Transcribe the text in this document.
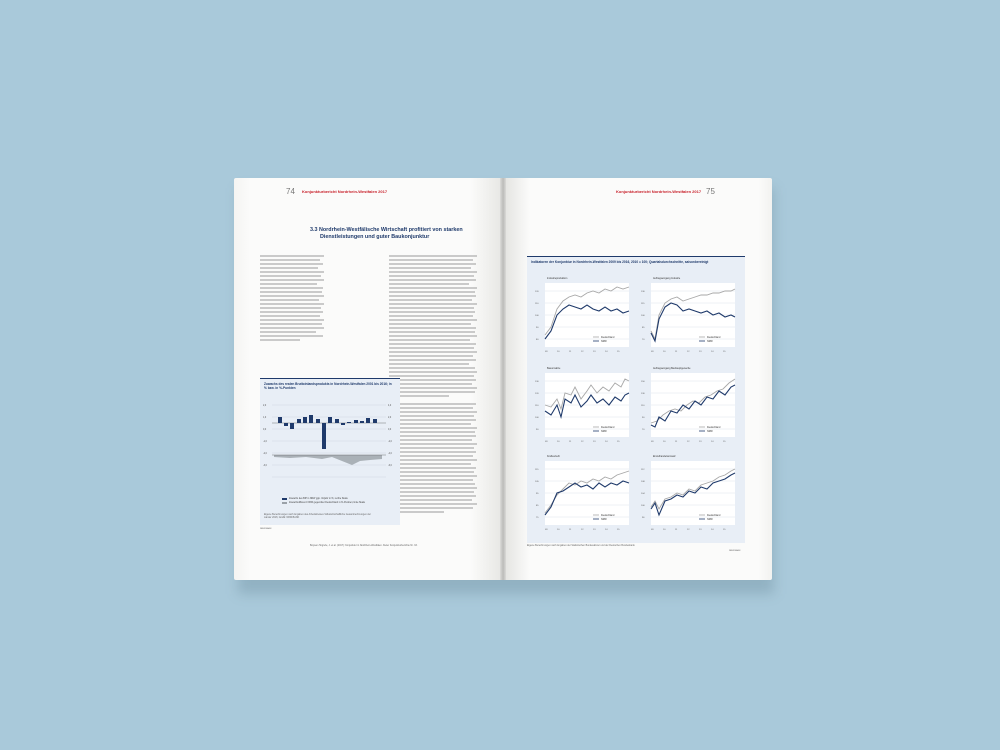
74 Konjunkturbericht Nordrhein-Westfalen 2017
3.3 Nordrhein-Westfälische Wirtschaft profitiert von starken
Dienstleistungen und guter Baukonjunktur
Zuwachs des realen Bruttoinlandsprodukts in Nordrhein-Westfalen 2001 bis 2016; in % bzw. in %-Punkten
2,0
1,0
0,0
-1,0
-2,0
-3,0
4,0
2,0
0,0
-2,0
-4,0
-6,0
Zuwachs des BIP in NRW ggü. Vorjahr in %; rechte Skala
Zuwachsdifferenz NRW gegenüber Deutschland in %-Punkten; linke Skala
Eigene Berechnungen nach Angaben des Arbeitskreises Volkswirtschaftliche Gesamtrechnungen der Länder 2016; Grafik: NRW.BANK
NRW.BANK
Boysen-Hogrefe, J. et al. (2017): Konjunktur in Nordrhein-Westfalen. Kieler Konjunkturberichte Nr. 33.
Konjunkturbericht Nordrhein-Westfalen 2017 75
Indikatoren der Konjunktur in Nordrhein-Westfalen 2009 bis 2016, 2010 = 100; Quartalsdurchschnitte, saisonbereinigt
Industrieproduktion
120
110
100
90
80
09	10	11	12	13	14	15
Deutschland
NRW
Auftragseingang Industrie
130
115
100
85
70
09	10	11	12	13	14	15
Deutschland
NRW
Bauumsätze
130
120
110
100
90
09	10	11	12	13	14	15
Deutschland
NRW
Auftragseingang Bauhauptgewerbe
150
130
110
90
70
09	10	11	12	13	14	15
Deutschland
NRW
Kraftverkehr
115
105
95
85
75
09	10	11	12	13	14	15
Deutschland
NRW
Einzelhandelsumsatz
112
108
104
100
96
09	10	11	12	13	14	15
Deutschland
NRW
Eigene Berechnungen nach Angaben der Statistischen Bundesämter und der Deutschen Bundesbank
NRW.BANK
